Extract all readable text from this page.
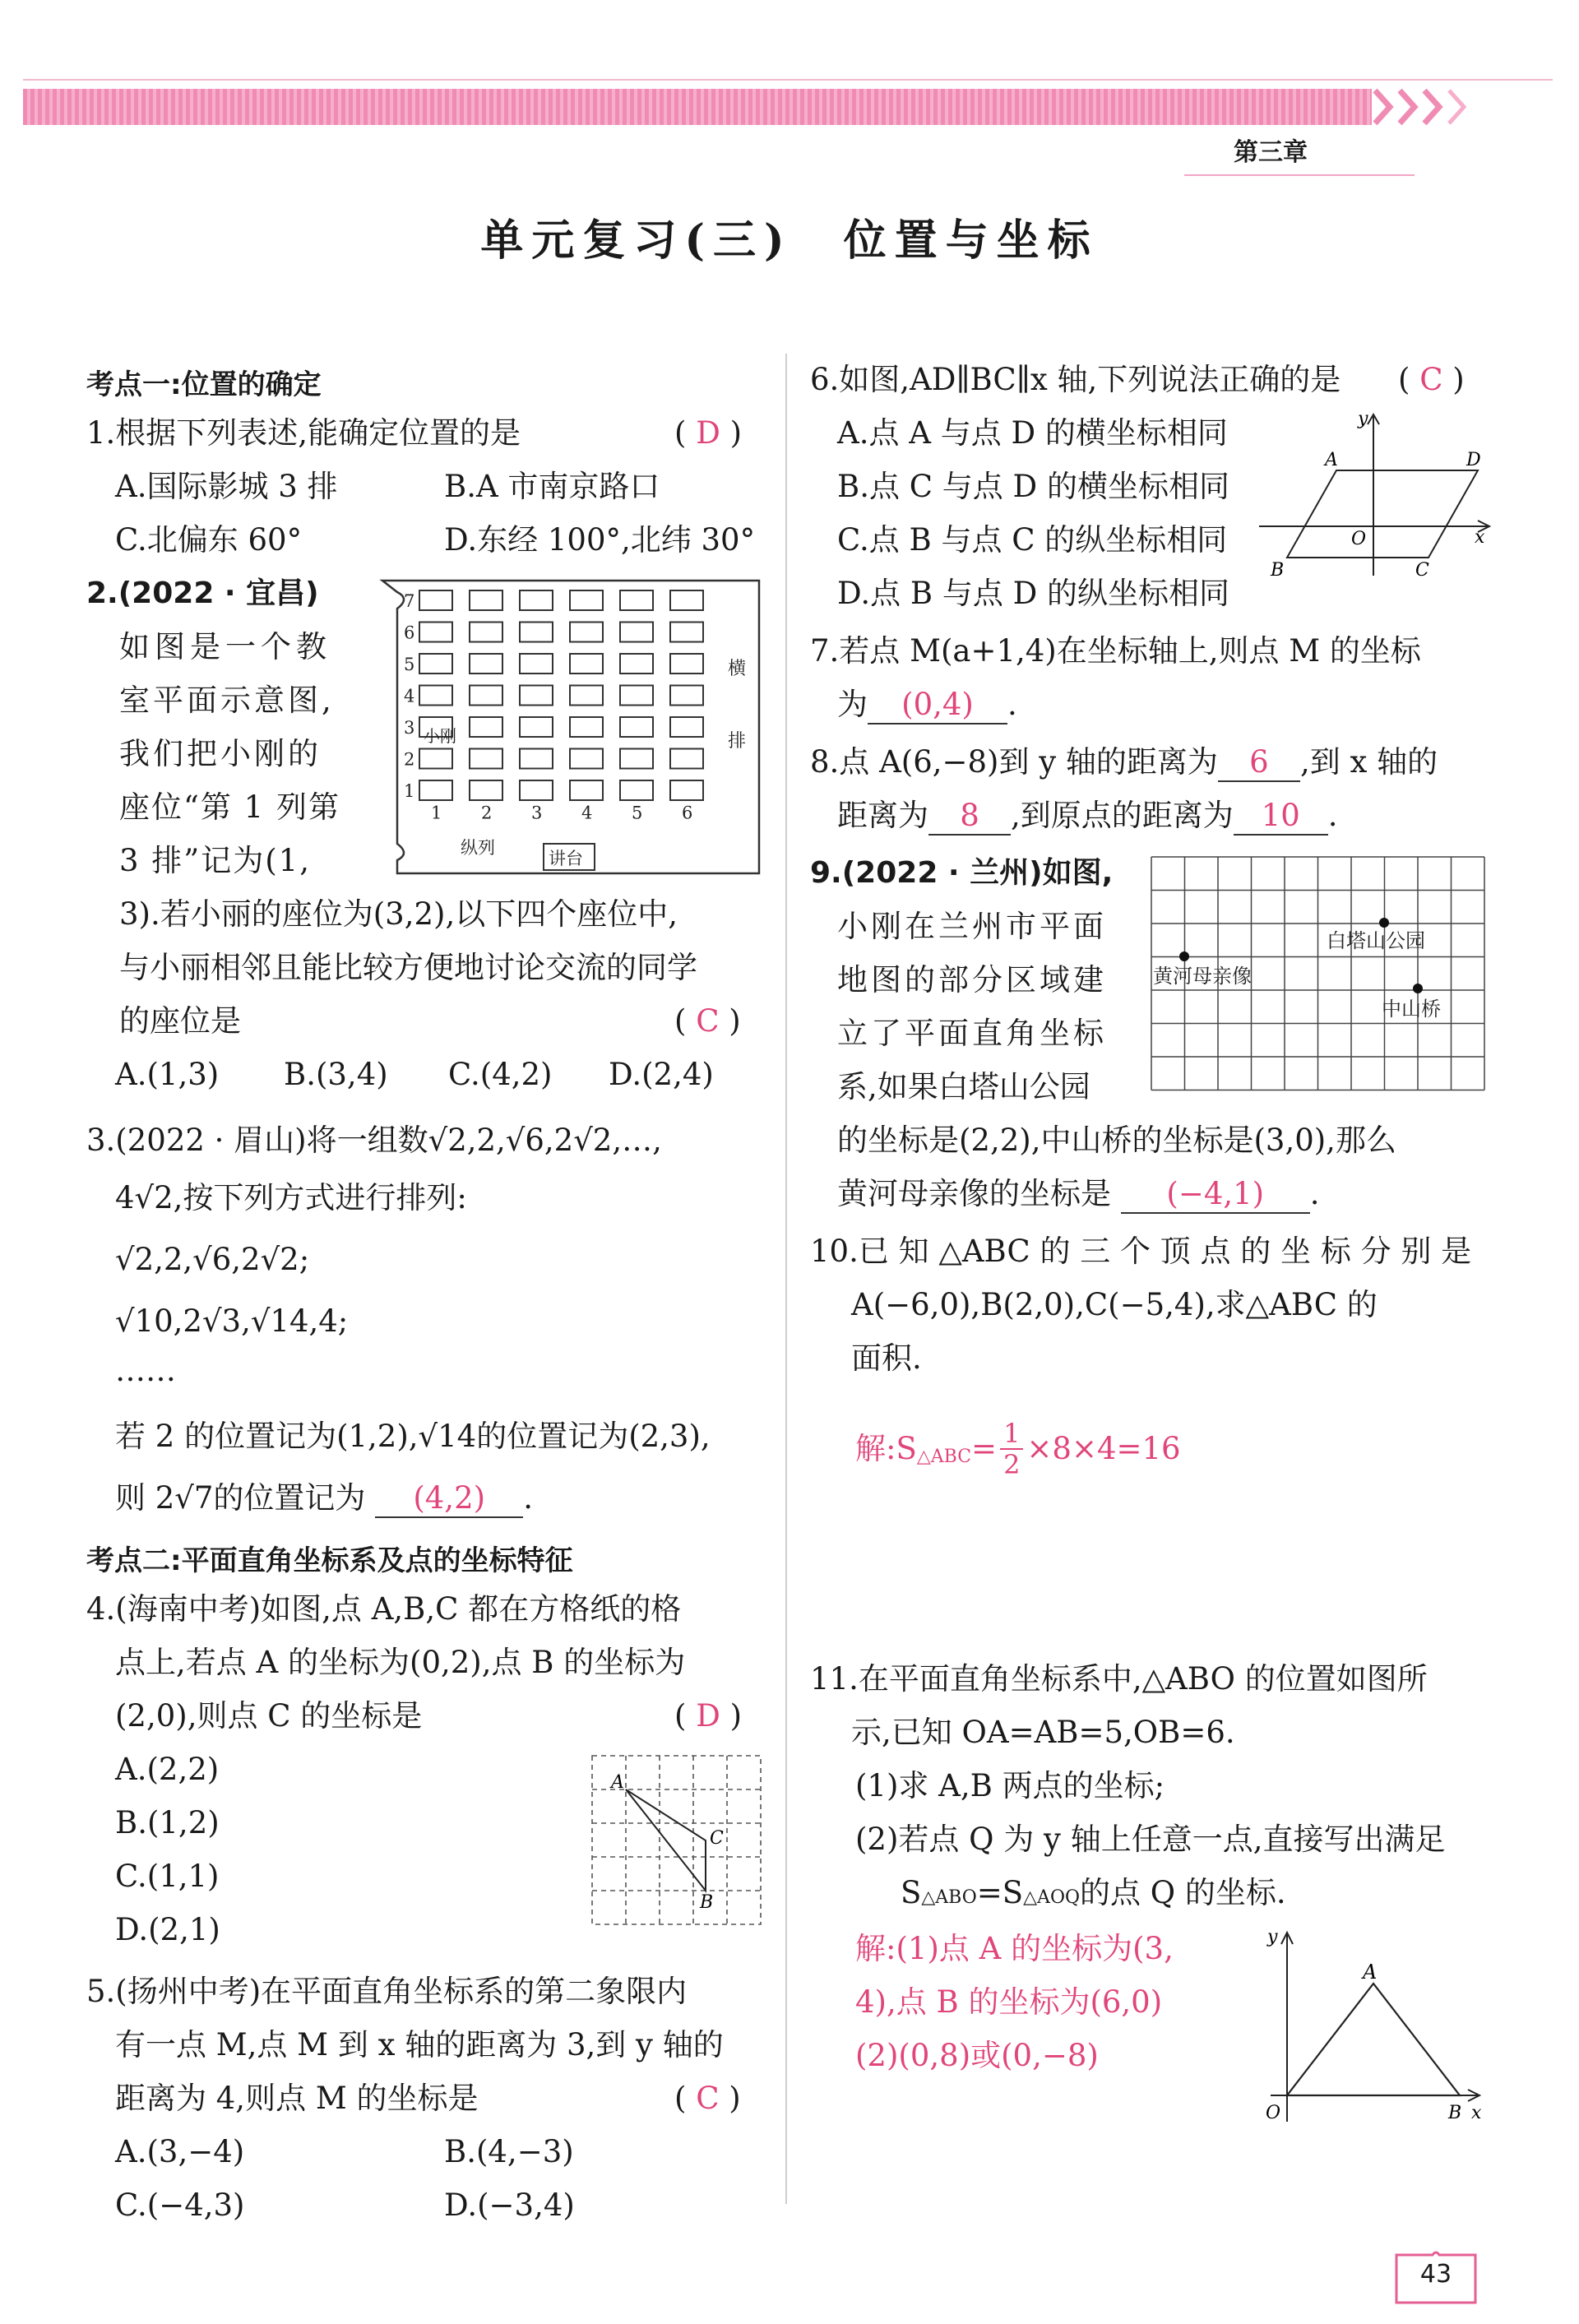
第三章
单元复习(三)　位置与坐标
考点一:位置的确定
1.根据下列表述,能确定位置的是	( D )
A.国际影城 3 排	B.A 市南京路口
C.北偏东 60°	D.东经 100°,北纬 30°
2.(2022 · 宜昌)
如图是一个教
室平面示意图,
我们把小刚的
座位“第 1 列第
3 排”记为(1,
7
6
5
4
3
2
1
1 2 3 4 5 6
小刚
横
排
纵列
讲台
3).若小丽的座位为(3,2),以下四个座位中,
与小丽相邻且能比较方便地讨论交流的同学
的座位是	( C )
A.(1,3) B.(3,4) C.(4,2) D.(2,4)
3.(2022 · 眉山)将一组数√2,2,√6,2√2,…,
4√2,按下列方式进行排列:
√2,2,√6,2√2;
√10,2√3,√14,4;
……
若 2 的位置记为(1,2),√14的位置记为(2,3),
则 2√7的位置记为 (4,2) .
考点二:平面直角坐标系及点的坐标特征
4.(海南中考)如图,点 A,B,C 都在方格纸的格
点上,若点 A 的坐标为(0,2),点 B 的坐标为
(2,0),则点 C 的坐标是	( D )
A.(2,2)
B.(1,2)
C.(1,1)
D.(2,1)
A
C
B
5.(扬州中考)在平面直角坐标系的第二象限内
有一点 M,点 M 到 x 轴的距离为 3,到 y 轴的
距离为 4,则点 M 的坐标是	( C )
A.(3,−4)	B.(4,−3)
C.(−4,3)	D.(−3,4)
6.如图,AD∥BC∥x 轴,下列说法正确的是 ( C )
A.点 A 与点 D 的横坐标相同
B.点 C 与点 D 的横坐标相同
C.点 B 与点 C 的纵坐标相同
D.点 B 与点 D 的纵坐标相同
y
A	D
O	x
B	C
7.若点 M(a+1,4)在坐标轴上,则点 M 的坐标
为 (0,4) .
8.点 A(6,−8)到 y 轴的距离为 6 ,到 x 轴的
距离为 8 ,到原点的距离为 10 .
9.(2022 · 兰州)如图,
小刚在兰州市平面
地图的部分区域建
立了平面直角坐标
系,如果白塔山公园
白塔山公园
黄河母亲像
中山桥
的坐标是(2,2),中山桥的坐标是(3,0),那么
黄河母亲像的坐标是 (−4,1) .
10.已 知 △ABC 的 三 个 顶 点 的 坐 标 分 别 是
A(−6,0),B(2,0),C(−5,4),求△ABC 的
面积.
解:S △ABC = $\frac{1}{2} \times 8\times 4=16$
11.在平面直角坐标系中,△ABO 的位置如图所
示,已知 OA=AB=5,OB=6.
(1)求 A,B 两点的坐标;
(2)若点 Q 为 y 轴上任意一点,直接写出满足
S△ABO=S△AOQ的点 Q 的坐标.
解:(1)点 A 的坐标为(3,
4),点 B 的坐标为(6,0)
(2)(0,8)或(0,−8)
y
A
O	B x
43
